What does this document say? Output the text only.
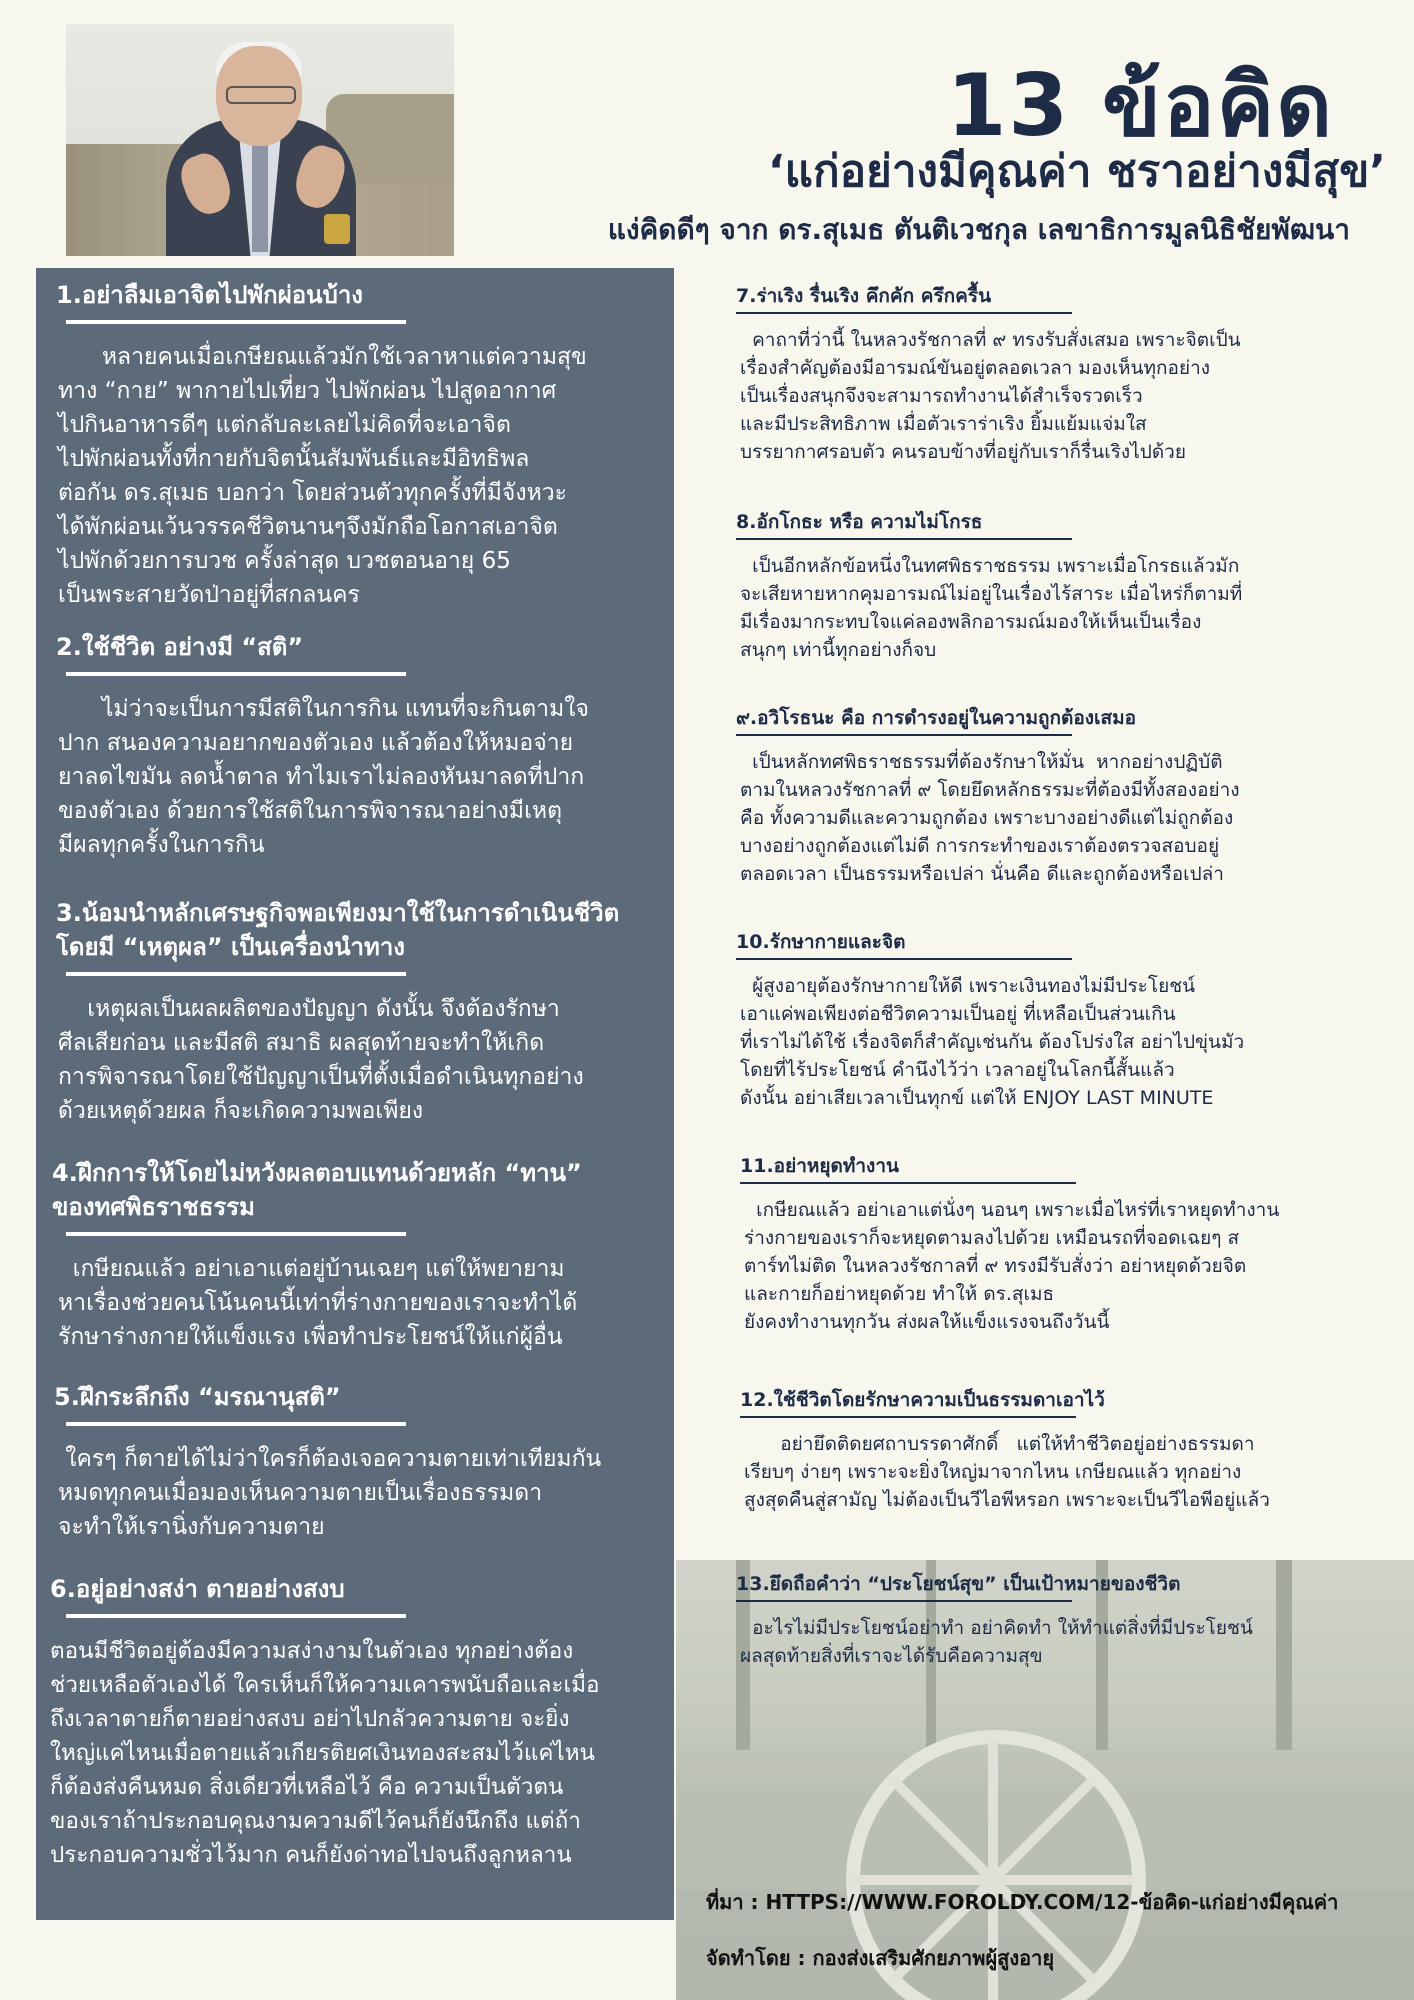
13 ข้อคิด
‘แก่อย่างมีคุณค่า ชราอย่างมีสุข’

แง่คิดดีๆ จาก ดร.สุเมธ ตันติเวชกุล เลขาธิการมูลนิธิชัยพัฒนา

1.อย่าลืมเอาจิตไปพักผ่อนบ้าง

หลายคนเมื่อเกษียณแล้วมักใช้เวลาหาแต่ความสุข
ทาง “กาย” พากายไปเที่ยว ไปพักผ่อน ไปสูดอากาศ
ไปกินอาหารดีๆ แต่กลับละเลยไม่คิดที่จะเอาจิต
ไปพักผ่อนทั้งที่กายกับจิตนั้นสัมพันธ์และมีอิทธิพล
ต่อกัน ดร.สุเมธ บอกว่า โดยส่วนตัวทุกครั้งที่มีจังหวะ
ได้พักผ่อนเว้นวรรคชีวิตนานๆจึงมักถือโอกาสเอาจิต
ไปพักด้วยการบวช ครั้งล่าสุด บวชตอนอายุ 65
เป็นพระสายวัดป่าอยู่ที่สกลนคร

2.ใช้ชีวิต อย่างมี “สติ”

ไม่ว่าจะเป็นการมีสติในการกิน แทนที่จะกินตามใจ
ปาก สนองความอยากของตัวเอง แล้วต้องให้หมอจ่าย
ยาลดไขมัน ลดน้ำตาล ทำไมเราไม่ลองหันมาลดที่ปาก
ของตัวเอง ด้วยการใช้สติในการพิจารณาอย่างมีเหตุ
มีผลทุกครั้งในการกิน

3.น้อมนำหลักเศรษฐกิจพอเพียงมาใช้ในการดำเนินชีวิต
โดยมี “เหตุผล” เป็นเครื่องนำทาง

เหตุผลเป็นผลผลิตของปัญญา ดังนั้น จึงต้องรักษา
ศีลเสียก่อน และมีสติ สมาธิ ผลสุดท้ายจะทำให้เกิด
การพิจารณาโดยใช้ปัญญาเป็นที่ตั้งเมื่อดำเนินทุกอย่าง
ด้วยเหตุด้วยผล ก็จะเกิดความพอเพียง

4.ฝึกการให้โดยไม่หวังผลตอบแทนด้วยหลัก “ทาน”
ของทศพิธราชธรรม

เกษียณแล้ว อย่าเอาแต่อยู่บ้านเฉยๆ แต่ให้พยายาม
หาเรื่องช่วยคนโน้นคนนี้เท่าที่ร่างกายของเราจะทำได้
รักษาร่างกายให้แข็งแรง เพื่อทำประโยชน์ให้แก่ผู้อื่น

5.ฝึกระลึกถึง “มรณานุสติ”

ใครๆ ก็ตายได้ไม่ว่าใครก็ต้องเจอความตายเท่าเทียมกัน
หมดทุกคนเมื่อมองเห็นความตายเป็นเรื่องธรรมดา
จะทำให้เรานิ่งกับความตาย

6.อยู่อย่างสง่า ตายอย่างสงบ

ตอนมีชีวิตอยู่ต้องมีความสง่างามในตัวเอง ทุกอย่างต้อง
ช่วยเหลือตัวเองได้ ใครเห็นก็ให้ความเคารพนับถือและเมื่อ
ถึงเวลาตายก็ตายอย่างสงบ อย่าไปกลัวความตาย จะยิ่ง
ใหญ่แค่ไหนเมื่อตายแล้วเกียรติยศเงินทองสะสมไว้แค่ไหน
ก็ต้องส่งคืนหมด สิ่งเดียวที่เหลือไว้ คือ ความเป็นตัวตน
ของเราถ้าประกอบคุณงามความดีไว้คนก็ยังนึกถึง แต่ถ้า
ประกอบความชั่วไว้มาก คนก็ยังด่าทอไปจนถึงลูกหลาน

7.ร่าเริง รื่นเริง คึกคัก ครึกครื้น

คาถาที่ว่านี้ ในหลวงรัชกาลที่ ๙ ทรงรับสั่งเสมอ เพราะจิตเป็น
เรื่องสำคัญต้องมีอารมณ์ขันอยู่ตลอดเวลา มองเห็นทุกอย่าง
เป็นเรื่องสนุกจึงจะสามารถทำงานได้สำเร็จรวดเร็ว
และมีประสิทธิภาพ เมื่อตัวเราร่าเริง ยิ้มแย้มแจ่มใส
บรรยากาศรอบตัว คนรอบข้างที่อยู่กับเราก็รื่นเริงไปด้วย

8.อักโกธะ หรือ ความไม่โกรธ

เป็นอีกหลักข้อหนึ่งในทศพิธราชธรรม เพราะเมื่อโกรธแล้วมัก
จะเสียหายหากคุมอารมณ์ไม่อยู่ในเรื่องไร้สาระ เมื่อไหร่ก็ตามที่
มีเรื่องมากระทบใจแค่ลองพลิกอารมณ์มองให้เห็นเป็นเรื่อง
สนุกๆ เท่านี้ทุกอย่างก็จบ

๙.อวิโรธนะ คือ การดำรงอยู่ในความถูกต้องเสมอ

เป็นหลักทศพิธราชธรรมที่ต้องรักษาให้มั่น  หากอย่างปฏิบัติ
ตามในหลวงรัชกาลที่ ๙ โดยยึดหลักธรรมะที่ต้องมีทั้งสองอย่าง
คือ ทั้งความดีและความถูกต้อง เพราะบางอย่างดีแต่ไม่ถูกต้อง
บางอย่างถูกต้องแต่ไม่ดี การกระทำของเราต้องตรวจสอบอยู่
ตลอดเวลา เป็นธรรมหรือเปล่า นั่นคือ ดีและถูกต้องหรือเปล่า

10.รักษากายและจิต

ผู้สูงอายุต้องรักษากายให้ดี เพราะเงินทองไม่มีประโยชน์
เอาแค่พอเพียงต่อชีวิตความเป็นอยู่ ที่เหลือเป็นส่วนเกิน
ที่เราไม่ได้ใช้ เรื่องจิตก็สำคัญเช่นกัน ต้องโปร่งใส อย่าไปขุ่นมัว
โดยที่ไร้ประโยชน์ คำนึงไว้ว่า เวลาอยู่ในโลกนี้สั้นแล้ว
ดังนั้น อย่าเสียเวลาเป็นทุกข์ แต่ให้ ENJOY LAST MINUTE

11.อย่าหยุดทำงาน

เกษียณแล้ว อย่าเอาแต่นั่งๆ นอนๆ เพราะเมื่อไหร่ที่เราหยุดทำงาน
ร่างกายของเราก็จะหยุดตามลงไปด้วย เหมือนรถที่จอดเฉยๆ ส
ตาร์ทไม่ติด ในหลวงรัชกาลที่ ๙ ทรงมีรับสั่งว่า อย่าหยุดด้วยจิต
และกายก็อย่าหยุดด้วย ทำให้ ดร.สุเมธ
ยังคงทำงานทุกวัน ส่งผลให้แข็งแรงจนถึงวันนี้

12.ใช้ชีวิตโดยรักษาความเป็นธรรมดาเอาไว้

อย่ายึดติดยศถาบรรดาศักดิ์   แต่ให้ทำชีวิตอยู่อย่างธรรมดา
เรียบๆ ง่ายๆ เพราะจะยิ่งใหญ่มาจากไหน เกษียณแล้ว ทุกอย่าง
สูงสุดคืนสู่สามัญ ไม่ต้องเป็นวีไอพีหรอก เพราะจะเป็นวีไอพีอยู่แล้ว

13.ยึดถือคำว่า “ประโยชน์สุข” เป็นเป้าหมายของชีวิต

อะไรไม่มีประโยชน์อย่าทำ อย่าคิดทำ ให้ทำแต่สิ่งที่มีประโยชน์
ผลสุดท้ายสิ่งที่เราจะได้รับคือความสุข

ที่มา : HTTPS://WWW.FOROLDY.COM/12-ข้อคิด-แก่อย่างมีคุณค่า

จัดทำโดย : กองส่งเสริมศักยภาพผู้สูงอายุ
